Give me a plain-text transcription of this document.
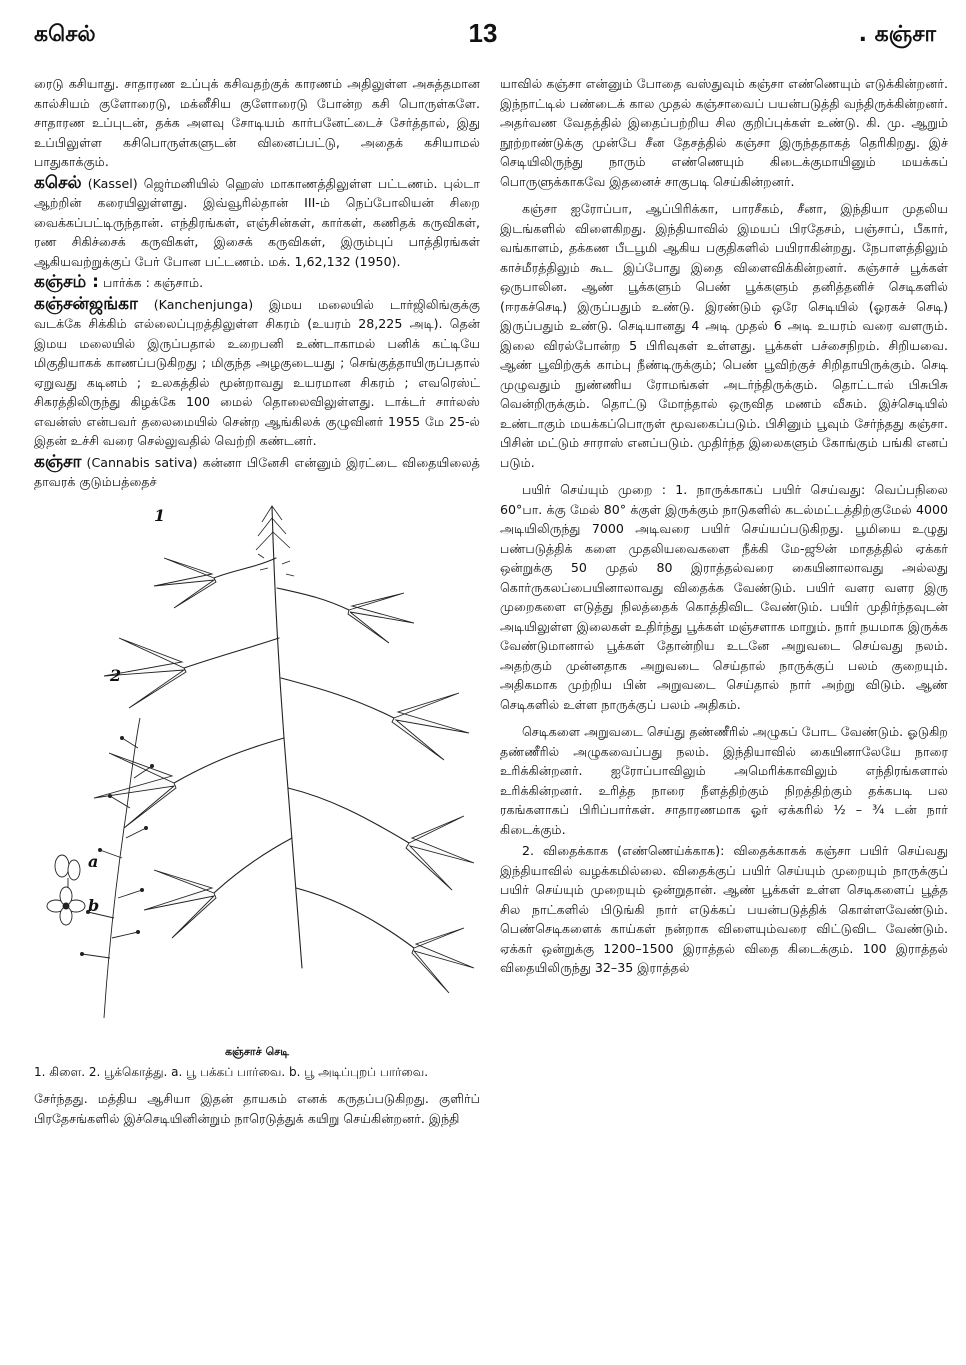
கசெல்	13	. கஞ்சா

ரைடு கசியாது. சாதாரண உப்புக் கசிவதற்குக் காரணம் அதிலுள்ள அசுத்தமான கால்சியம் குளோரைடு, மக்னீசிய குளோரைடு போன்ற கசி பொருள்களே. சாதாரண உப்புடன், தக்க அளவு சோடியம் கார்பனேட்டைச் சேர்த்தால், இது உப்பிலுள்ள கசிபொருள்களுடன் வினைப்பட்டு, அதைக் கசியாமல் பாதுகாக்கும்.

கசெல் (Kassel) ஜெர்மனியில் ஹெஸ் மாகாணத்திலுள்ள பட்டணம். புல்டா ஆற்றின் கரையிலுள்ளது. இவ்வூரில்தான் III-ம் நெப்போலியன் சிறை வைக்கப்பட்டிருந்தான். எந்திரங்கள், எஞ்சின்கள், கார்கள், கணிதக் கருவிகள், ரண சிகிச்சைக் கருவிகள், இசைக் கருவிகள், இரும்புப் பாத்திரங்கள் ஆகியவற்றுக்குப் பேர் போன பட்டணம். மக். 1,62,132 (1950).

கஞ்சம் : பார்க்க : கஞ்சாம்.

கஞ்சன்ஜங்கா (Kanchenjunga) இமய மலையில் டார்ஜிலிங்குக்கு வடக்கே சிக்கிம் எல்லைப்புறத்திலுள்ள சிகரம் (உயரம் 28,225 அடி). தென் இமய மலையில் இருப்பதால் உறைபனி உண்டாகாமல் பனிக் கட்டியே மிகுதியாகக் காணப்படுகிறது ; மிகுந்த அழகுடையது ; செங்குத்தாயிருப்பதால் ஏறுவது கடினம் ; உலகத்தில் மூன்றாவது உயரமான சிகரம் ; எவரெஸ்ட் சிகரத்திலிருந்து கிழக்கே 100 மைல் தொலைவிலுள்ளது. டாக்டர் சார்லஸ் எவன்ஸ் என்பவர் தலைமையில் சென்ற ஆங்கிலக் குழுவினர் 1955 மே 25-ல் இதன் உச்சி வரை செல்லுவதில் வெற்றி கண்டனர்.

கஞ்சா (Cannabis sativa) கன்னா பினேசி என்னும் இரட்டை விதையிலைத் தாவரக் குடும்பத்தைச்

1
2
a
b
கஞ்சாச் செடி
1. கிளை. 2. பூக்கொத்து. a. பூ பக்கப் பார்வை. b. பூ அடிப்புறப் பார்வை.

சேர்ந்தது. மத்திய ஆசியா இதன் தாயகம் எனக் கருதப்படுகிறது. குளிர்ப் பிரதேசங்களில் இச்செடியினின்றும் நாரெடுத்துக் கயிறு செய்கின்றனர். இந்தி

யாவில் கஞ்சா என்னும் போதை வஸ்துவும் கஞ்சா எண்ணெயும் எடுக்கின்றனர். இந்நாட்டில் பண்டைக் கால முதல் கஞ்சாவைப் பயன்படுத்தி வந்திருக்கின்றனர். அதர்வண வேதத்தில் இதைப்பற்றிய சில குறிப்புக்கள் உண்டு. கி. மு. ஆறும் நூற்றாண்டுக்கு முன்பே சீன தேசத்தில் கஞ்சா இருந்ததாகத் தெரிகிறது. இச் செடியிலிருந்து நாரும் எண்ணெயும் கிடைக்குமாயினும் மயக்கப் பொருளுக்காகவே இதனைச் சாகுபடி செய்கின்றனர்.

கஞ்சா ஐரோப்பா, ஆப்பிரிக்கா, பாரசீகம், சீனா, இந்தியா முதலிய இடங்களில் விளைகிறது. இந்தியாவில் இமயப் பிரதேசம், பஞ்சாப், பீகார், வங்காளம், தக்கண பீடபூமி ஆகிய பகுதிகளில் பயிராகின்றது. நேபாளத்திலும் காச்மீரத்திலும் கூட இப்போது இதை விளைவிக்கின்றனர். கஞ்சாச் பூக்கள் ஒருபாலின. ஆண் பூக்களும் பெண் பூக்களும் தனித்தனிச் செடிகளில் (ஈரகச்செடி) இருப்பதும் உண்டு. இரண்டும் ஒரே செடியில் (ஓரகச் செடி) இருப்பதும் உண்டு. செடியானது 4 அடி முதல் 6 அடி உயரம் வரை வளரும். இலை விரல்போன்ற 5 பிரிவுகள் உள்ளது. பூக்கள் பச்சைநிறம். சிறியவை. ஆண் பூவிற்குக் காம்பு நீண்டிருக்கும்; பெண் பூவிற்குச் சிறிதாயிருக்கும். செடி முழுவதும் நுண்ணிய ரோமங்கள் அடர்ந்திருக்கும். தொட்டால் பிசுபிசு வென்றிருக்கும். தொட்டு மோந்தால் ஒருவித மணம் வீசும். இச்செடியில் உண்டாகும் மயக்கப்பொருள் மூவகைப்படும். பிசினும் பூவும் சேர்ந்தது கஞ்சா. பிசின் மட்டும் சாராஸ் எனப்படும். முதிர்ந்த இலைகளும் கோங்கும் பங்கி எனப் படும்.

பயிர் செய்யும் முறை : 1. நாருக்காகப் பயிர் செய்வது: வெப்பநிலை 60°பா. க்கு மேல் 80° க்குள் இருக்கும் நாடுகளில் கடல்மட்டத்திற்குமேல் 4000 அடியிலிருந்து 7000 அடிவரை பயிர் செய்யப்படுகிறது. பூமியை உழுது பண்படுத்திக் களை முதலியவைகளை நீக்கி மே-ஜூன் மாதத்தில் ஏக்கர் ஒன்றுக்கு 50 முதல் 80 இராத்தல்வரை கையினாலாவது அல்லது கொர்ருகலப்பையினாலாவது விதைக்க வேண்டும். பயிர் வளர வளர இரு முறைகளை எடுத்து நிலத்தைக் கொத்திவிட வேண்டும். பயிர் முதிர்ந்தவுடன் அடியிலுள்ள இலைகள் உதிர்ந்து பூக்கள் மஞ்சளாக மாறும். நார் நயமாக இருக்க வேண்டுமானால் பூக்கள் தோன்றிய உடனே அறுவடை செய்வது நலம். அதற்கும் முன்னதாக அறுவடை செய்தால் நாருக்குப் பலம் குறையும். அதிகமாக முற்றிய பின் அறுவடை செய்தால் நார் அற்று விடும். ஆண் செடிகளில் உள்ள நாருக்குப் பலம் அதிகம்.

செடிகளை அறுவடை செய்து தண்ணீரில் அழுகப் போட வேண்டும். ஓடுகிற தண்ணீரில் அழுகவைப்பது நலம். இந்தியாவில் கையினாலேயே நாரை உரிக்கின்றனர். ஐரோப்பாவிலும் அமெரிக்காவிலும் எந்திரங்களால் உரிக்கின்றனர். உரித்த நாரை நீளத்திற்கும் நிறத்திற்கும் தக்கபடி பல ரகங்களாகப் பிரிப்பார்கள். சாதாரணமாக ஓர் ஏக்கரில் ½ – ¾ டன் நார் கிடைக்கும்.

2. விதைக்காக (எண்ணெய்க்காக): விதைக்காகக் கஞ்சா பயிர் செய்வது இந்தியாவில் வழக்கமில்லை. விதைக்குப் பயிர் செய்யும் முறையும் நாருக்குப் பயிர் செய்யும் முறையும் ஒன்றுதான். ஆண் பூக்கள் உள்ள செடிகளைப் பூத்த சில நாட்களில் பிடுங்கி நார் எடுக்கப் பயன்படுத்திக் கொள்ளவேண்டும். பெண்செடிகளைக் காய்கள் நன்றாக விளையும்வரை விட்டுவிட வேண்டும். ஏக்கர் ஒன்றுக்கு 1200–1500 இராத்தல் விதை கிடைக்கும். 100 இராத்தல் விதையிலிருந்து 32–35 இராத்தல்
